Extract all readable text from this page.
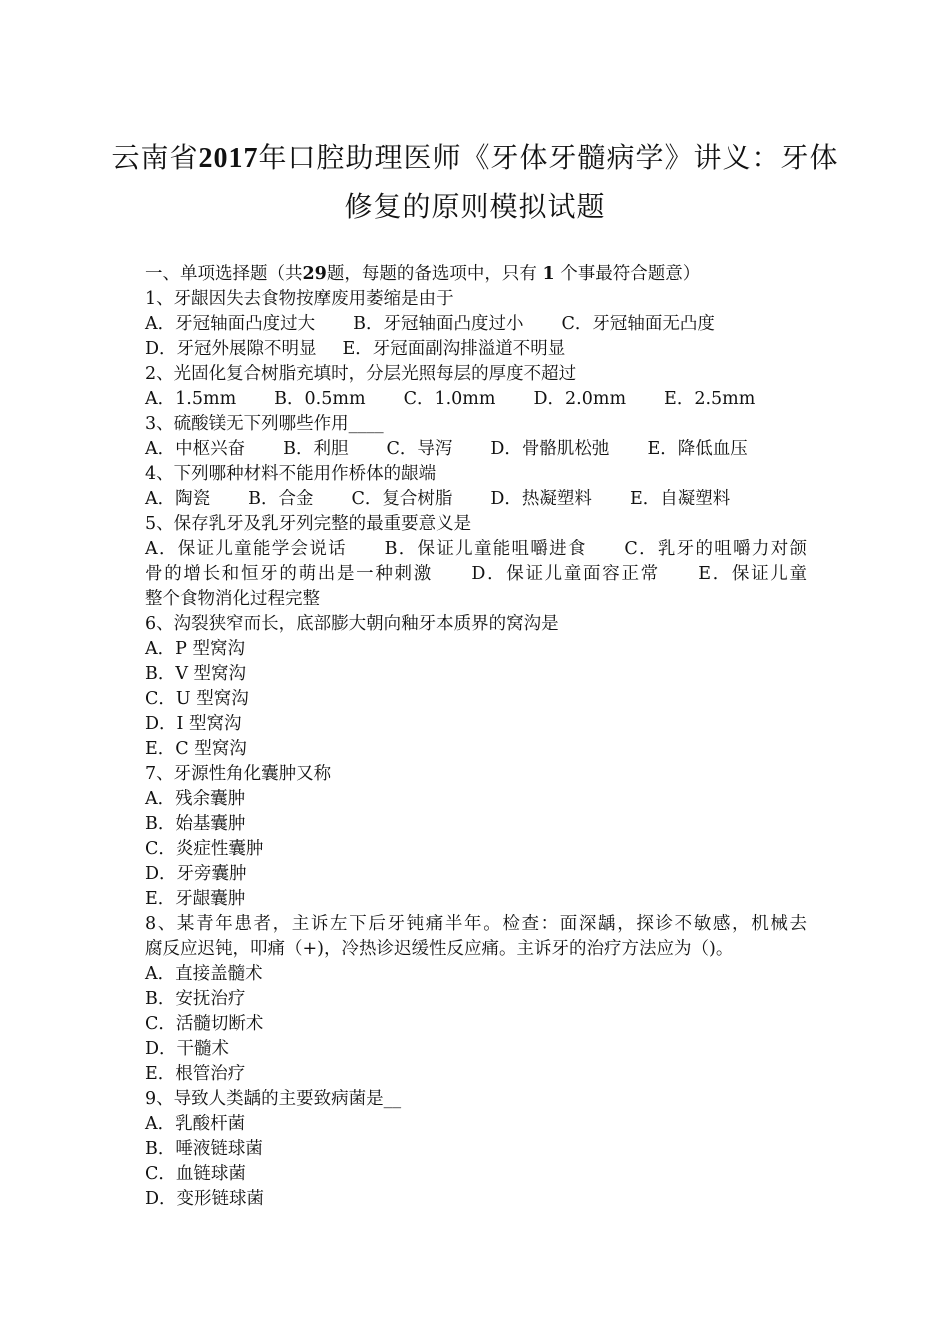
云南省2017年口腔助理医师《牙体牙髓病学》讲义：牙体
修复的原则模拟试题
一、单项选择题（共29题，每题的备选项中，只有 1 个事最符合题意）
1、牙龈因失去食物按摩废用萎缩是由于
A．牙冠轴面凸度过大 B．牙冠轴面凸度过小 C．牙冠轴面无凸度
D．牙冠外展隙不明显 E．牙冠面副沟排溢道不明显
2、光固化复合树脂充填时，分层光照每层的厚度不超过
A．1.5mm B．0.5mm C．1.0mm D．2.0mm E．2.5mm
3、硫酸镁无下列哪些作用____
A．中枢兴奋 B．利胆 C．导泻 D．骨骼肌松弛 E．降低血压
4、下列哪种材料不能用作桥体的龈端
A．陶瓷 B．合金 C．复合树脂 D．热凝塑料 E．自凝塑料
5、保存乳牙及乳牙列完整的最重要意义是
A．保证儿童能学会说话　　B．保证儿童能咀嚼进食　　C．乳牙的咀嚼力对颌
骨的增长和恒牙的萌出是一种刺激　　D．保证儿童面容正常　　E．保证儿童
整个食物消化过程完整
6、沟裂狭窄而长，底部膨大朝向釉牙本质界的窝沟是
A．P 型窝沟
B．V 型窝沟
C．U 型窝沟
D．I 型窝沟
E．C 型窝沟
7、牙源性角化囊肿又称
A．残余囊肿
B．始基囊肿
C．炎症性囊肿
D．牙旁囊肿
E．牙龈囊肿
8、某青年患者，主诉左下后牙钝痛半年。检查：面深龋，探诊不敏感，机械去
腐反应迟钝，叩痛（+)，冷热诊迟缓性反应痛。主诉牙的治疗方法应为（)。
A．直接盖髓术
B．安抚治疗
C．活髓切断术
D．干髓术
E．根管治疗
9、导致人类龋的主要致病菌是__
A．乳酸杆菌
B．唾液链球菌
C．血链球菌
D．变形链球菌
